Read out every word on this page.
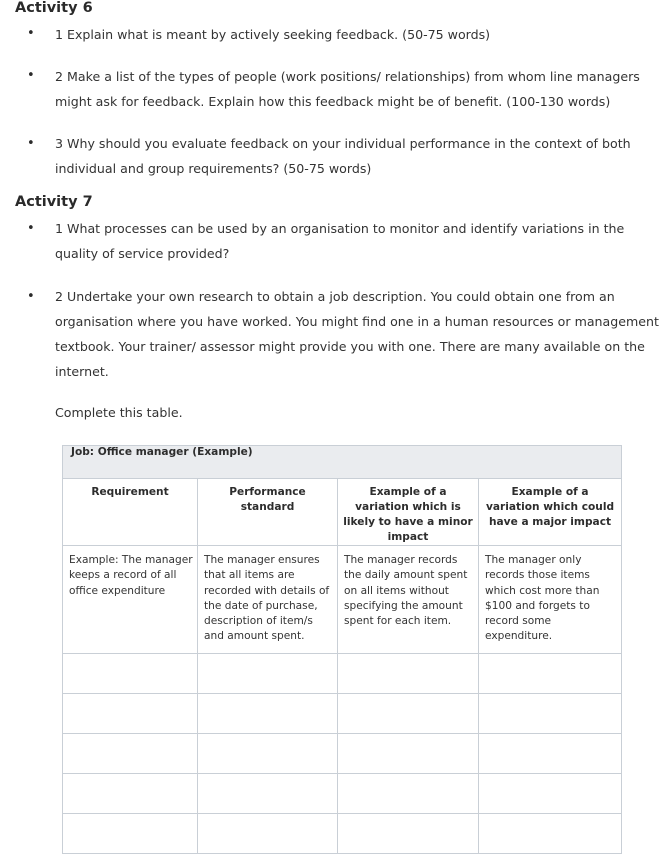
Activity 6
• 1 Explain what is meant by actively seeking feedback. (50-75 words)

• 2 Make a list of the types of people (work positions/ relationships) from whom line managers might ask for feedback. Explain how this feedback might be of benefit. (100-130 words)

• 3 Why should you evaluate feedback on your individual performance in the context of both individual and group requirements? (50-75 words)

Activity 7
• 1 What processes can be used by an organisation to monitor and identify variations in the quality of service provided?

• 2 Undertake your own research to obtain a job description. You could obtain one from an organisation where you have worked. You might find one in a human resources or management textbook. Your trainer/ assessor might provide you with one. There are many available on the internet.

Complete this table.

Job: Office manager (Example)			
Requirement	Performance standard	Example of a variation which is likely to have a minor impact	Example of a variation which could have a major impact
Example: The manager keeps a record of all office expenditure	The manager ensures that all items are recorded with details of the date of purchase, description of item/s and amount spent.	The manager records the daily amount spent on all items without specifying the amount spent for each item.	The manager only records those items which cost more than $100 and forgets to record some expenditure.
